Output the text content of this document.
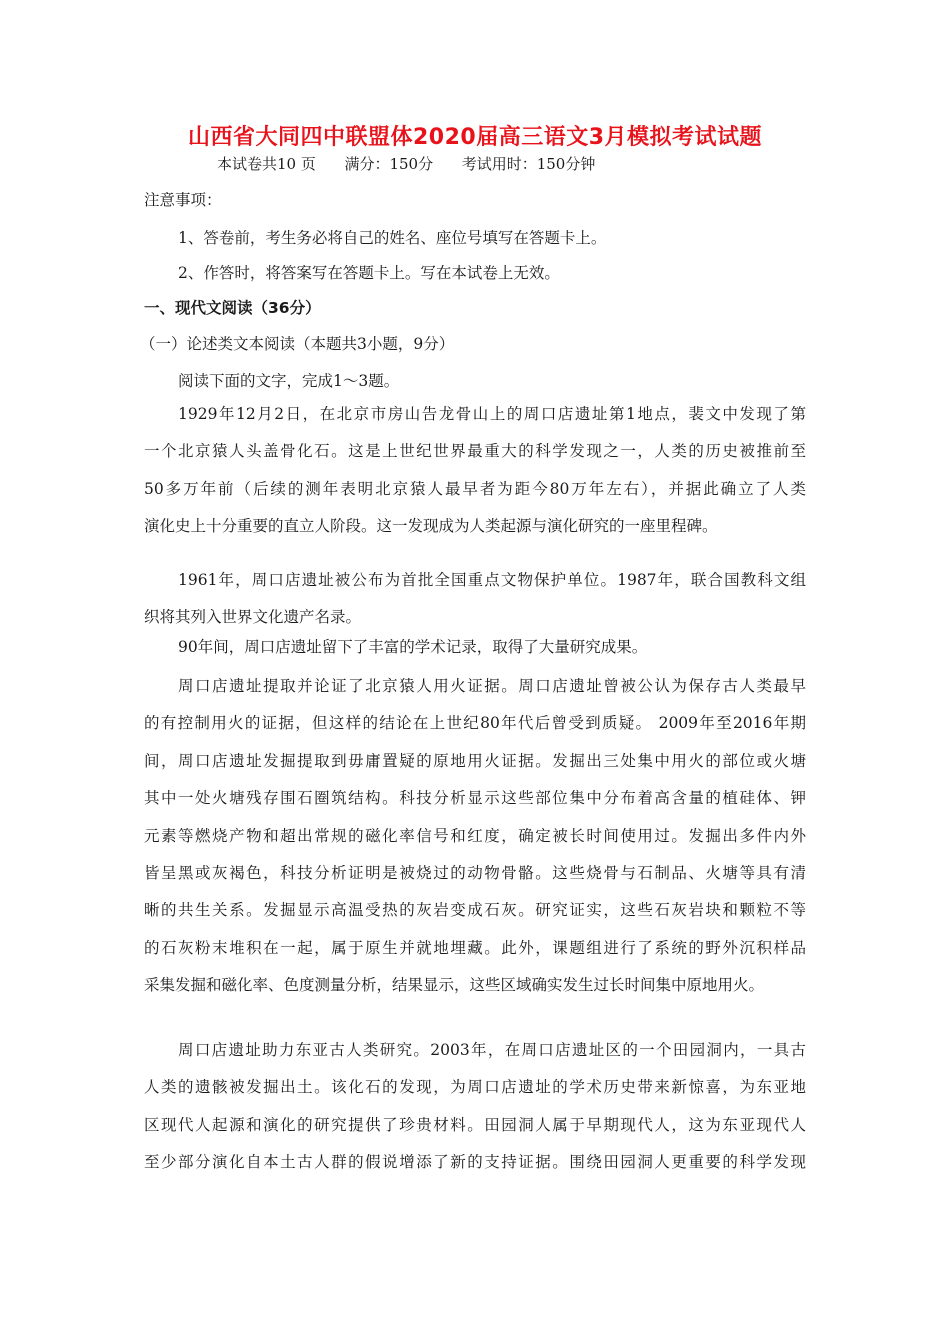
山西省大同四中联盟体2020届高三语文3月模拟考试试题
本试卷共10 页      满分：150分      考试用时：150分钟
注意事项：
1、答卷前，考生务必将自己的姓名、座位号填写在答题卡上。
2、作答时，将答案写在答题卡上。写在本试卷上无效。
一、现代文阅读（36分）
（一）论述类文本阅读（本题共3小题，9分）
阅读下面的文字，完成1～3题。
1929年12月2日，在北京市房山告龙骨山上的周口店遗址第1地点，裴文中发现了第
一个北京猿人头盖骨化石。这是上世纪世界最重大的科学发现之一，人类的历史被推前至
50多万年前（后续的测年表明北京猿人最早者为距今80万年左右），并据此确立了人类
演化史上十分重要的直立人阶段。这一发现成为人类起源与演化研究的一座里程碑。
1961年，周口店遗址被公布为首批全国重点文物保护单位。1987年，联合国教科文组
织将其列入世界文化遗产名录。
90年间，周口店遗址留下了丰富的学术记录，取得了大量研究成果。
周口店遗址提取并论证了北京猿人用火证据。周口店遗址曾被公认为保存古人类最早
的有控制用火的证据，但这样的结论在上世纪80年代后曾受到质疑。 2009年至2016年期
间，周口店遗址发掘提取到毋庸置疑的原地用火证据。发掘出三处集中用火的部位或火塘
其中一处火塘残存围石圈筑结构。科技分析显示这些部位集中分布着高含量的植硅体、钾
元素等燃烧产物和超出常规的磁化率信号和红度，确定被长时间使用过。发掘出多件内外
皆呈黑或灰褐色，科技分析证明是被烧过的动物骨骼。这些烧骨与石制品、火塘等具有清
晰的共生关系。发掘显示高温受热的灰岩变成石灰。研究证实，这些石灰岩块和颗粒不等
的石灰粉末堆积在一起，属于原生并就地埋藏。此外，课题组进行了系统的野外沉积样品
采集发掘和磁化率、色度测量分析，结果显示，这些区域确实发生过长时间集中原地用火。
周口店遗址助力东亚古人类研究。2003年，在周口店遗址区的一个田园洞内，一具古
人类的遗骸被发掘出土。该化石的发现，为周口店遗址的学术历史带来新惊喜，为东亚地
区现代人起源和演化的研究提供了珍贵材料。田园洞人属于早期现代人，这为东亚现代人
至少部分演化自本土古人群的假说增添了新的支持证据。围绕田园洞人更重要的科学发现
